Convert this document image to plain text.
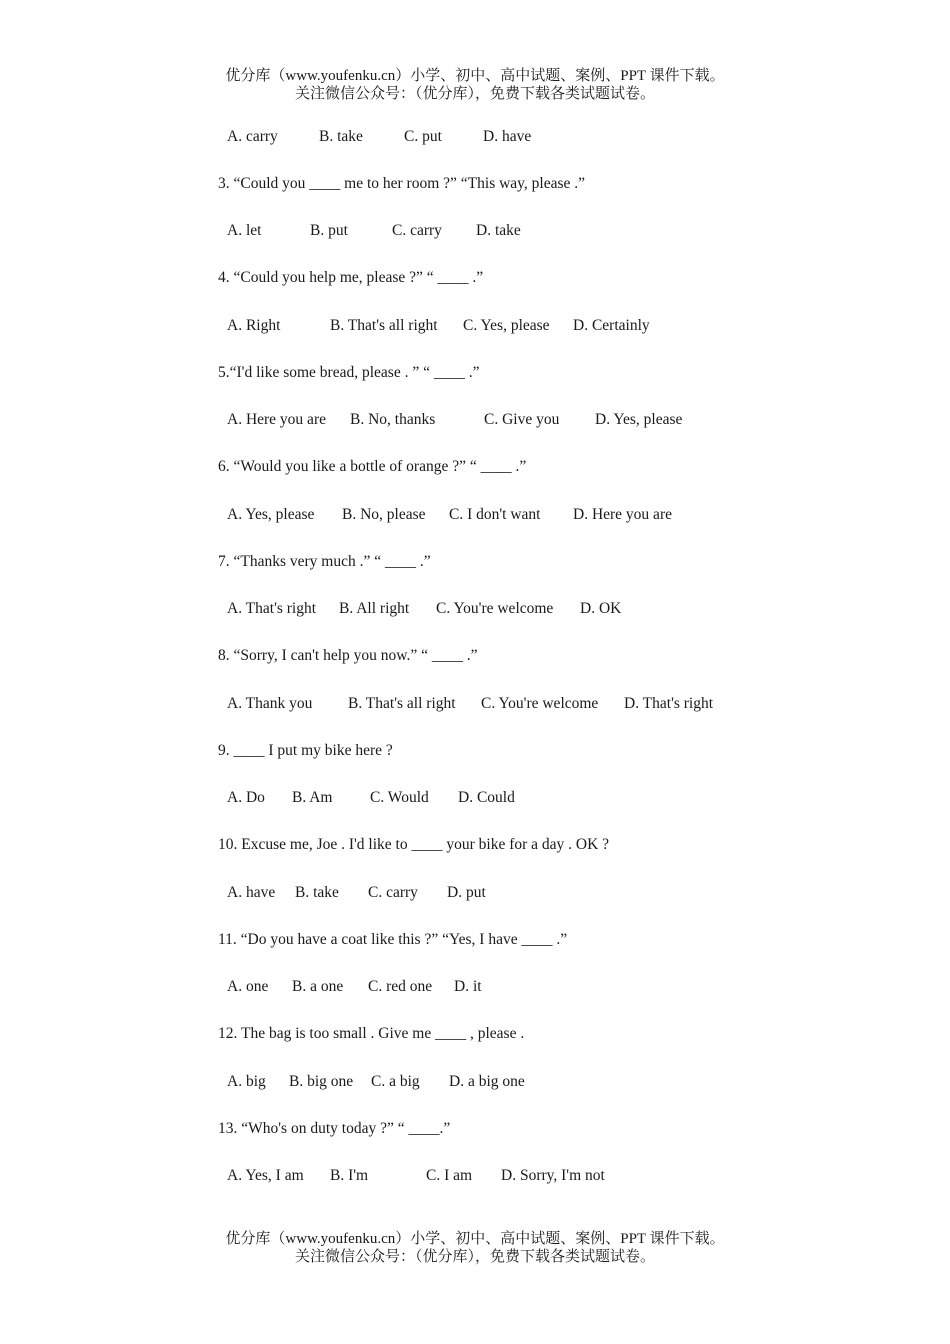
优分库（www.youfenku.cn）小学、初中、高中试题、案例、PPT 课件下载。
关注微信公众号：（优分库），免费下载各类试题试卷。
A. carry	B. take	C. put	D. have
3. “Could you ____ me to her room ?” “This way, please .”
A. let	B. put	C. carry D. take
4. “Could you help me, please ?” “ ____ .”
A. Right	B. That's all right C. Yes, please D. Certainly
5.“I'd like some bread, please . ” “ ____ .”
A. Here you are B. No, thanks	C. Give you D. Yes, please
6. “Would you like a bottle of orange ?” “ ____ .”
A. Yes, please B. No, please C. I don't want D. Here you are
7. “Thanks very much .” “ ____ .”
A. That's right B. All right C. You're welcome D. OK
8. “Sorry, I can't help you now.” “ ____ .”
A. Thank you B. That's all right C. You're welcome D. That's right
9. ____ I put my bike here ?
A. Do B. Am C. Would D. Could
10. Excuse me, Joe . I'd like to ____ your bike for a day . OK ?
A. have B. take C. carry D. put
11. “Do you have a coat like this ?” “Yes, I have ____ .”
A. one B. a one C. red one D. it
12. The bag is too small . Give me ____ , please .
A. big B. big one C. a big D. a big one
13. “Who's on duty today ?” “ ____.”
A. Yes, I am B. I'm	C. I am D. Sorry, I'm not
优分库（www.youfenku.cn）小学、初中、高中试题、案例、PPT 课件下载。
关注微信公众号：（优分库），免费下载各类试题试卷。
